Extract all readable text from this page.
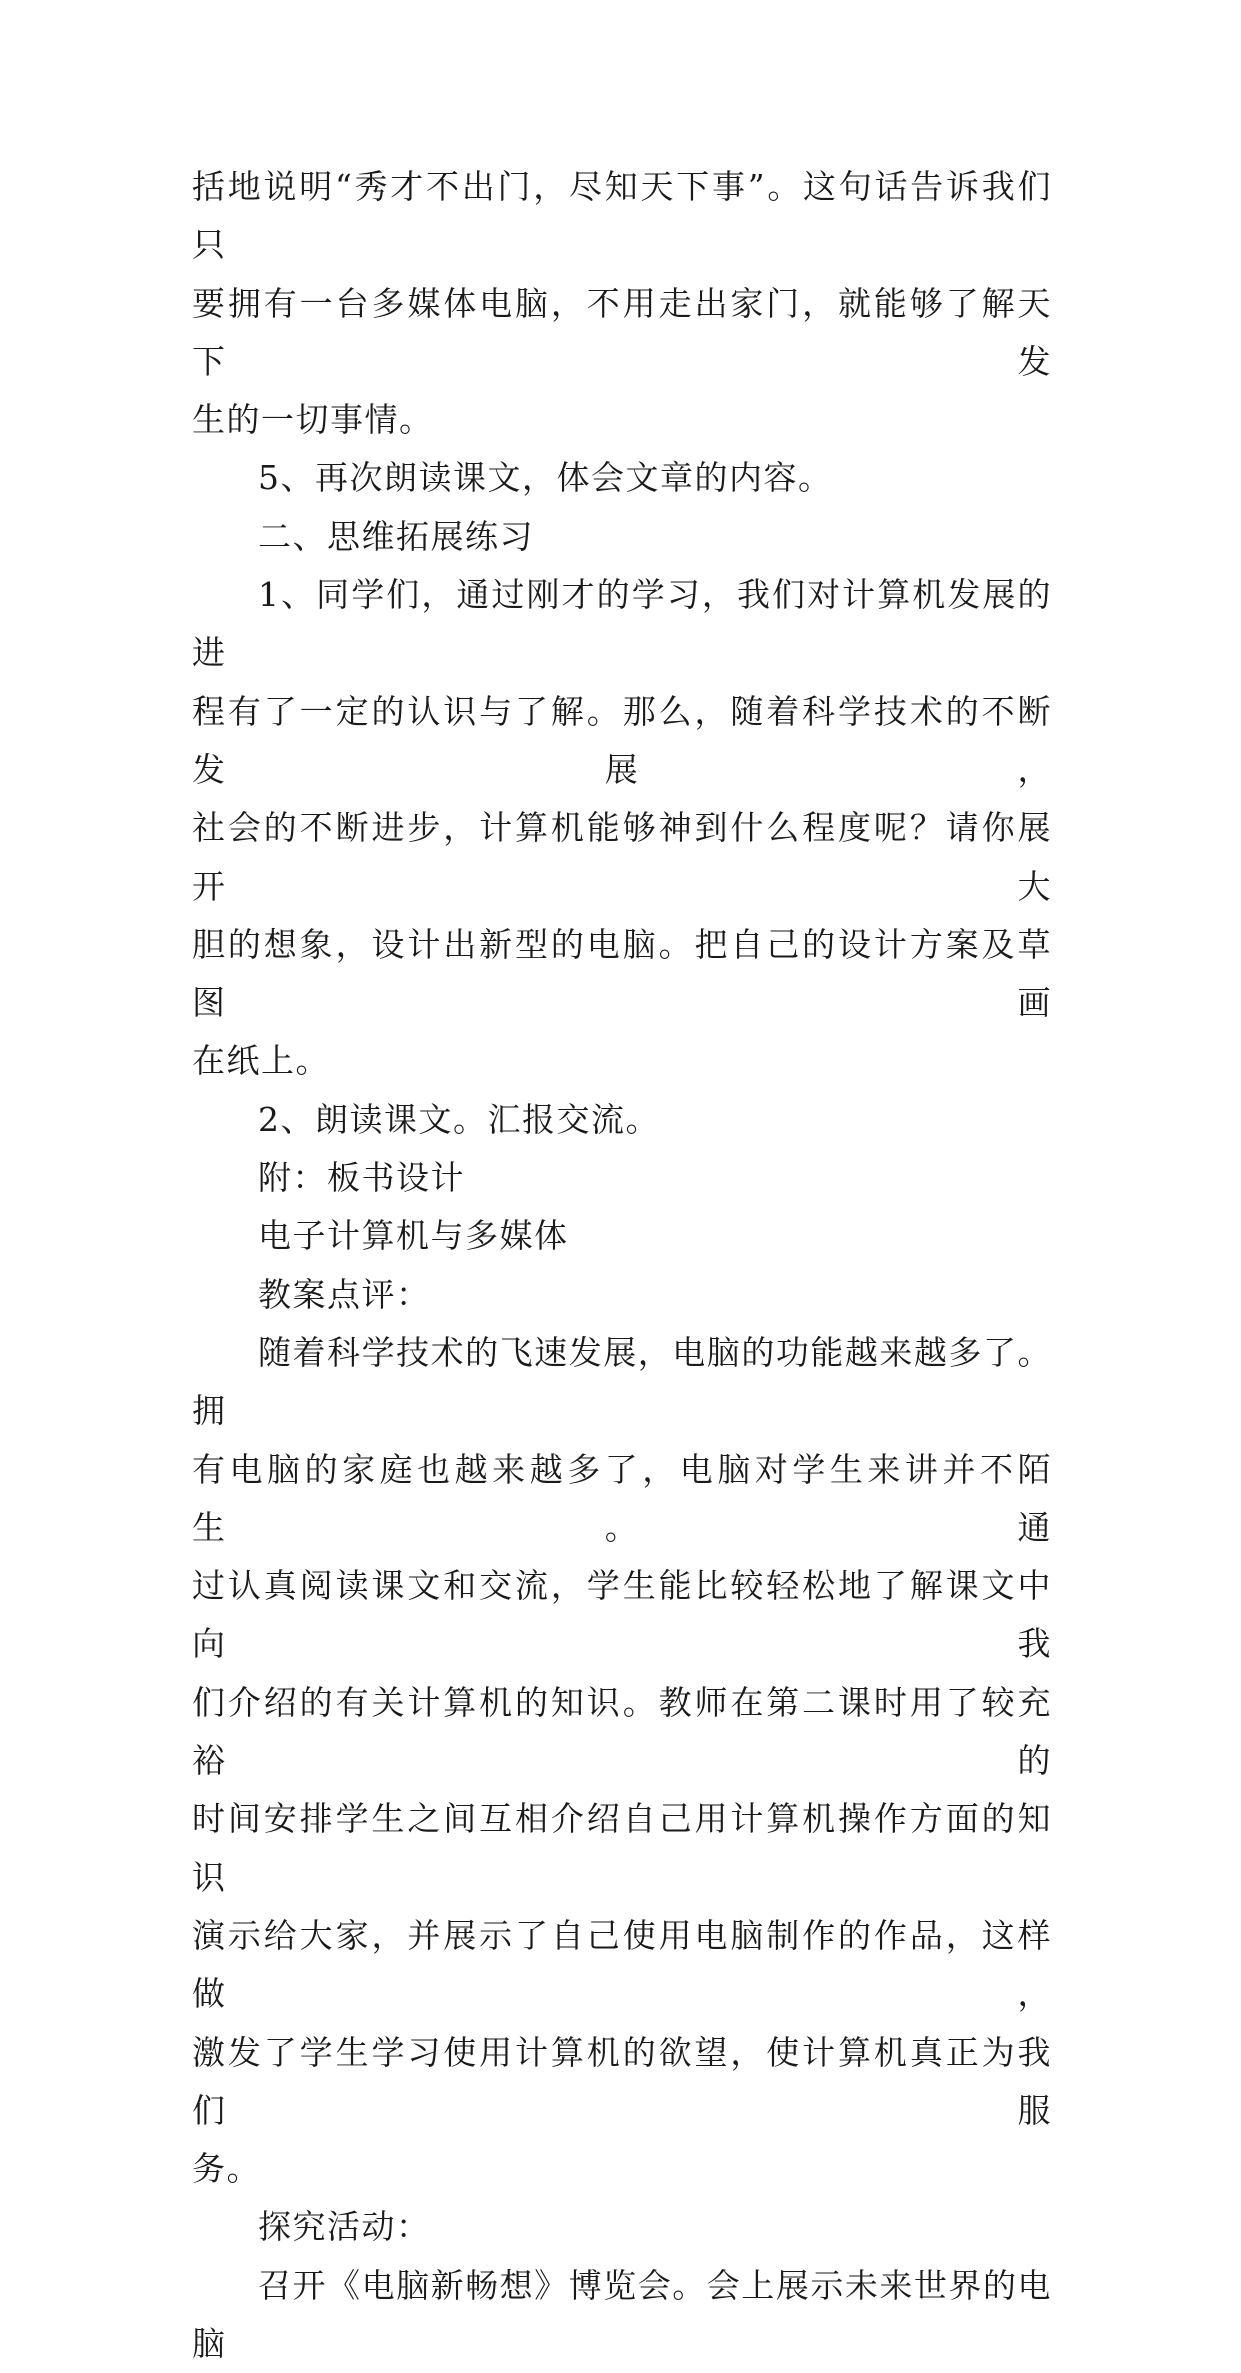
括地说明“秀才不出门，尽知天下事”。这句话告诉我们只
要拥有一台多媒体电脑，不用走出家门，就能够了解天下发
生的一切事情。

5、再次朗读课文，体会文章的内容。

二、思维拓展练习

1、同学们，通过刚才的学习，我们对计算机发展的进
程有了一定的认识与了解。那么，随着科学技术的不断发展，
社会的不断进步，计算机能够神到什么程度呢？请你展开大
胆的想象，设计出新型的电脑。把自己的设计方案及草图画
在纸上。

2、朗读课文。汇报交流。

附：板书设计

电子计算机与多媒体

教案点评：

随着科学技术的飞速发展，电脑的功能越来越多了。拥
有电脑的家庭也越来越多了，电脑对学生来讲并不陌生。通
过认真阅读课文和交流，学生能比较轻松地了解课文中向我
们介绍的有关计算机的知识。教师在第二课时用了较充裕的
时间安排学生之间互相介绍自己用计算机操作方面的知识
演示给大家，并展示了自己使用电脑制作的作品，这样做，
激发了学生学习使用计算机的欲望，使计算机真正为我们服
务。

探究活动：

召开《电脑新畅想》博览会。会上展示未来世界的电脑
